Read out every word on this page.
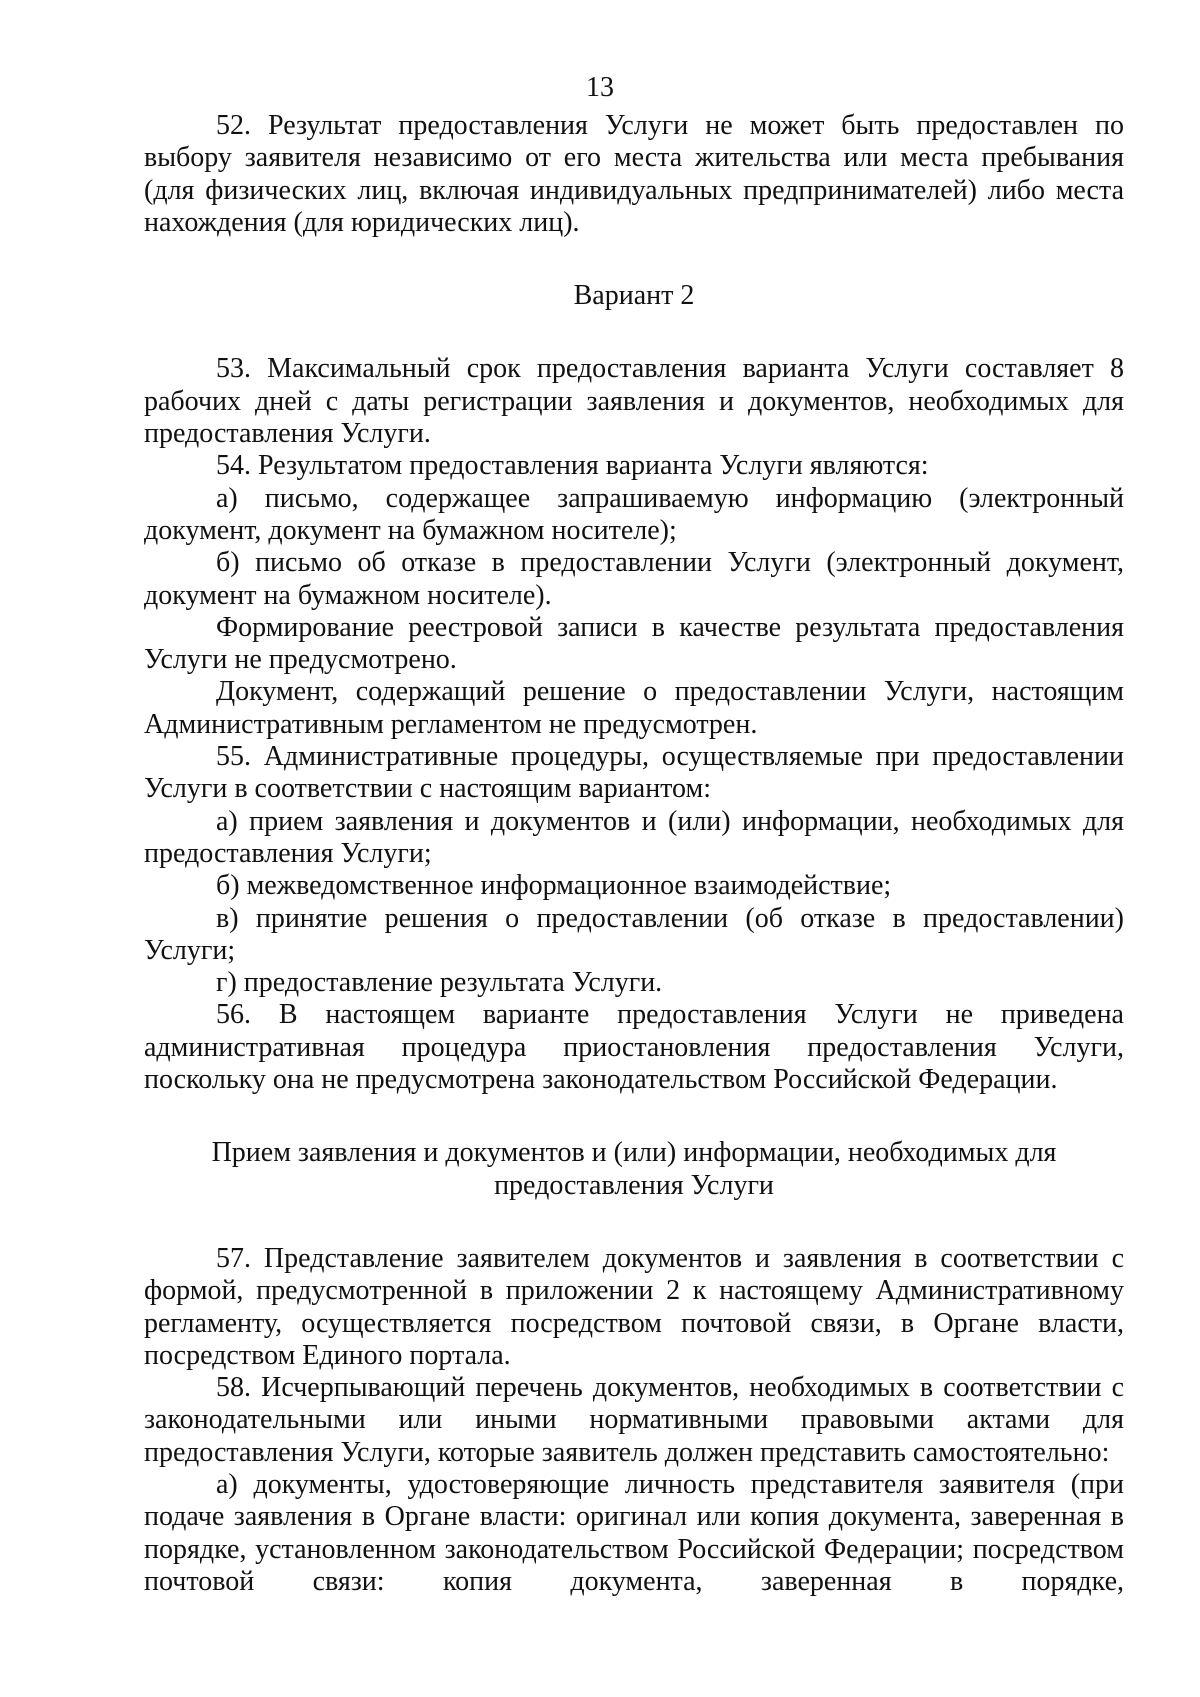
13

52. Результат предоставления Услуги не может быть предоставлен по выбору заявителя независимо от его места жительства или места пребывания (для физических лиц, включая индивидуальных предпринимателей) либо места нахождения (для юридических лиц).

Вариант 2

53. Максимальный срок предоставления варианта Услуги составляет 8 рабочих дней с даты регистрации заявления и документов, необходимых для предоставления Услуги.

54. Результатом предоставления варианта Услуги являются:

а) письмо, содержащее запрашиваемую информацию (электронный документ, документ на бумажном носителе);

б) письмо об отказе в предоставлении Услуги (электронный документ, документ на бумажном носителе).

Формирование реестровой записи в качестве результата предоставления Услуги не предусмотрено.

Документ, содержащий решение о предоставлении Услуги, настоящим Административным регламентом не предусмотрен.

55. Административные процедуры, осуществляемые при предоставлении Услуги в соответствии с настоящим вариантом:

а) прием заявления и документов и (или) информации, необходимых для предоставления Услуги;

б) межведомственное информационное взаимодействие;

в) принятие решения о предоставлении (об отказе в предоставлении) Услуги;

г) предоставление результата Услуги.

56. В настоящем варианте предоставления Услуги не приведена административная процедура приостановления предоставления Услуги, поскольку она не предусмотрена законодательством Российской Федерации.

Прием заявления и документов и (или) информации, необходимых для

предоставления Услуги

57. Представление заявителем документов и заявления в соответствии с формой, предусмотренной в приложении 2 к настоящему Административному регламенту, осуществляется посредством почтовой связи, в Органе власти, посредством Единого портала.

58. Исчерпывающий перечень документов, необходимых в соответствии с законодательными или иными нормативными правовыми актами для предоставления Услуги, которые заявитель должен представить самостоятельно:

а) документы, удостоверяющие личность представителя заявителя (при подаче заявления в Органе власти: оригинал или копия документа, заверенная в порядке, установленном законодательством Российской Федерации; посредством почтовой связи: копия документа, заверенная в порядке,
